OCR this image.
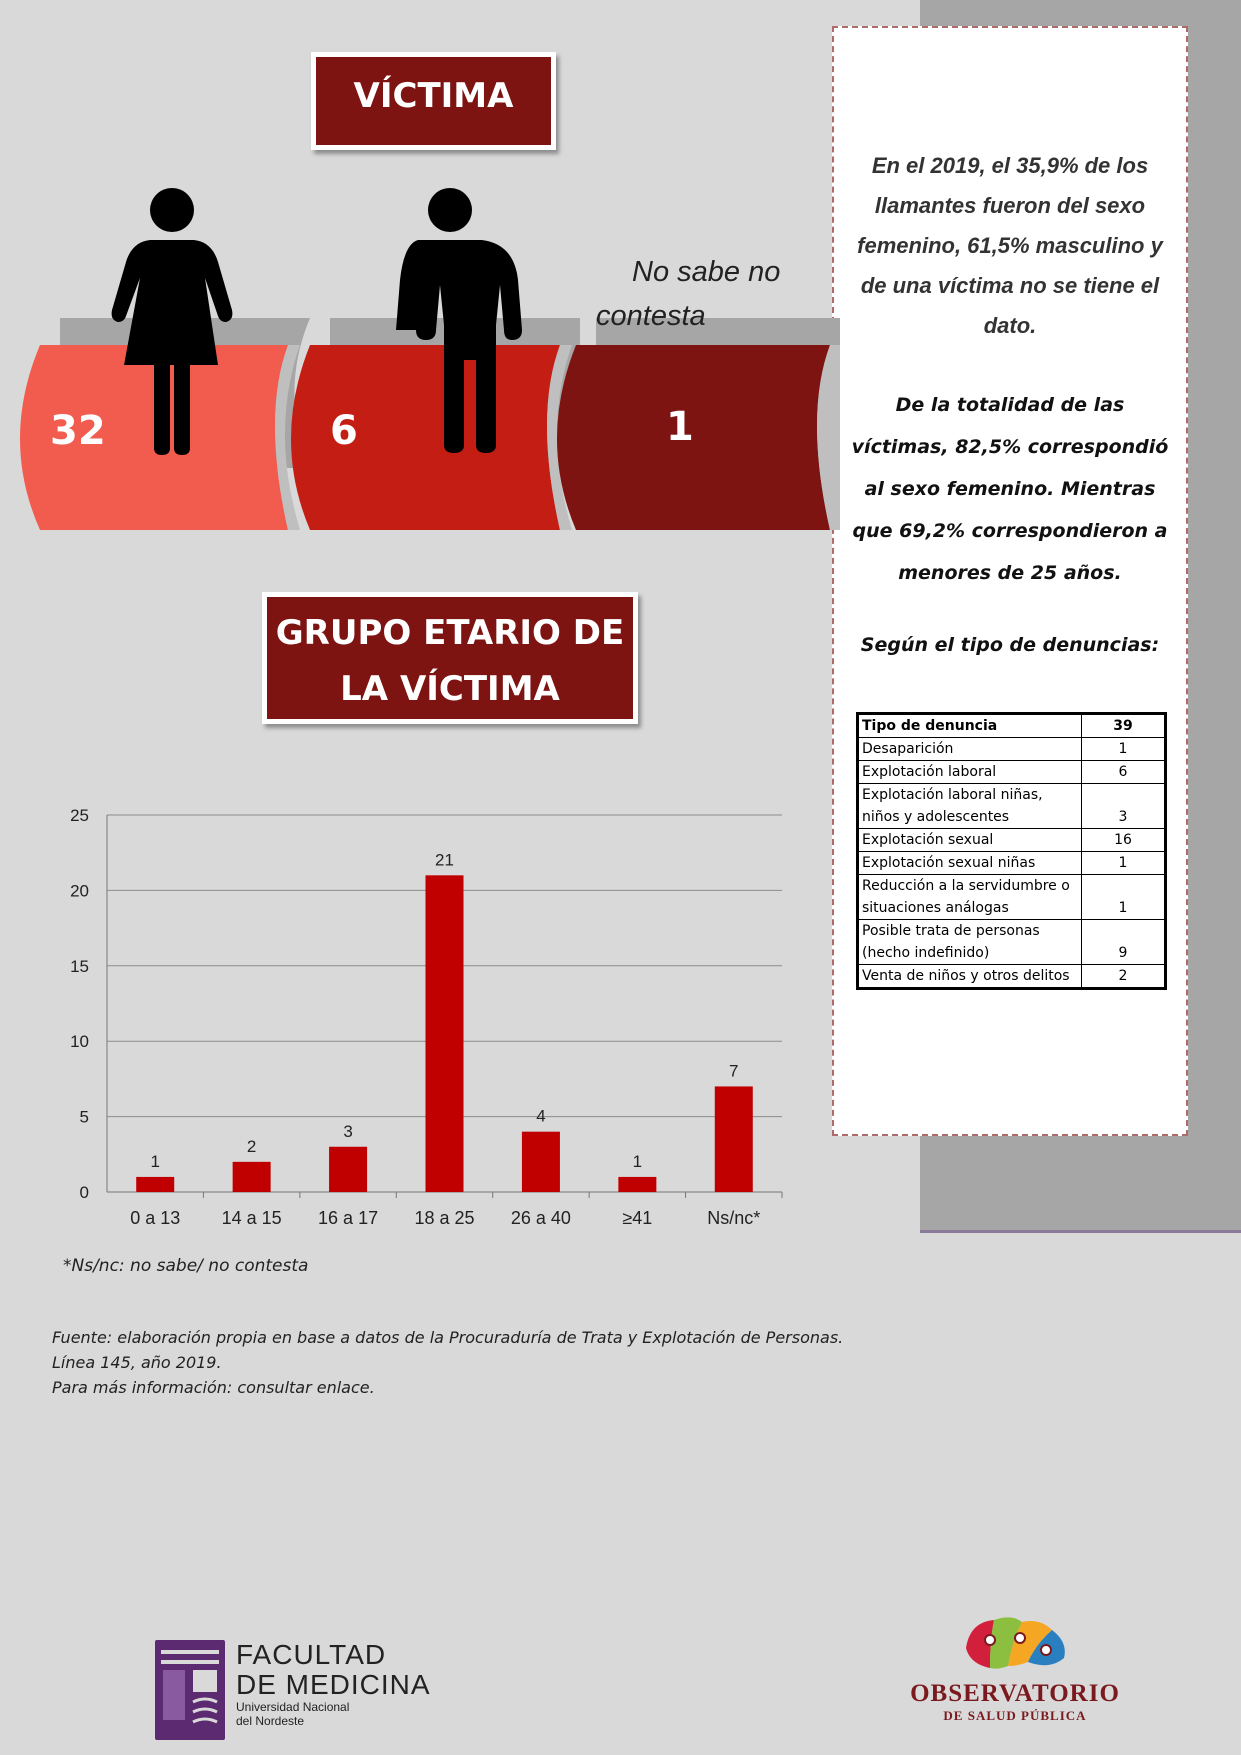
En el 2019, el 35,9% de los llamantes fueron del sexo femenino, 61,5% masculino y de una víctima no se tiene el dato.
De la totalidad de las víctimas, 82,5% correspondió al sexo femenino. Mientras que 69,2% correspondieron a menores de 25 años.
Según el tipo de denuncias:
Tipo de denuncia	39
Desaparición	1
Explotación laboral	6
Explotación laboral niñas, niños y adolescentes	3
Explotación sexual	16
Explotación sexual niñas	1
Reducción a la servidumbre o situaciones análogas	1
Posible trata de personas (hecho indefinido)	9
Venta de niños y otros delitos	2
VÍCTIMA
32	6	1
No sabe no
contesta
GRUPO ETARIO DE
LA VÍCTIMA
0
5
10
15
20
25
1
0 a 13
2
14 a 15
3
16 a 17
21
18 a 25
4
26 a 40
1
≥41
7
Ns/nc*
*Ns/nc: no sabe/ no contesta
Fuente: elaboración propia en base a datos de la Procuraduría de Trata y Explotación de Personas. Línea 145, año 2019.
Para más información: consultar enlace.
FACULTAD
DE MEDICINA
Universidad Nacional
del Nordeste
OBSERVATORIO
DE SALUD PÚBLICA
